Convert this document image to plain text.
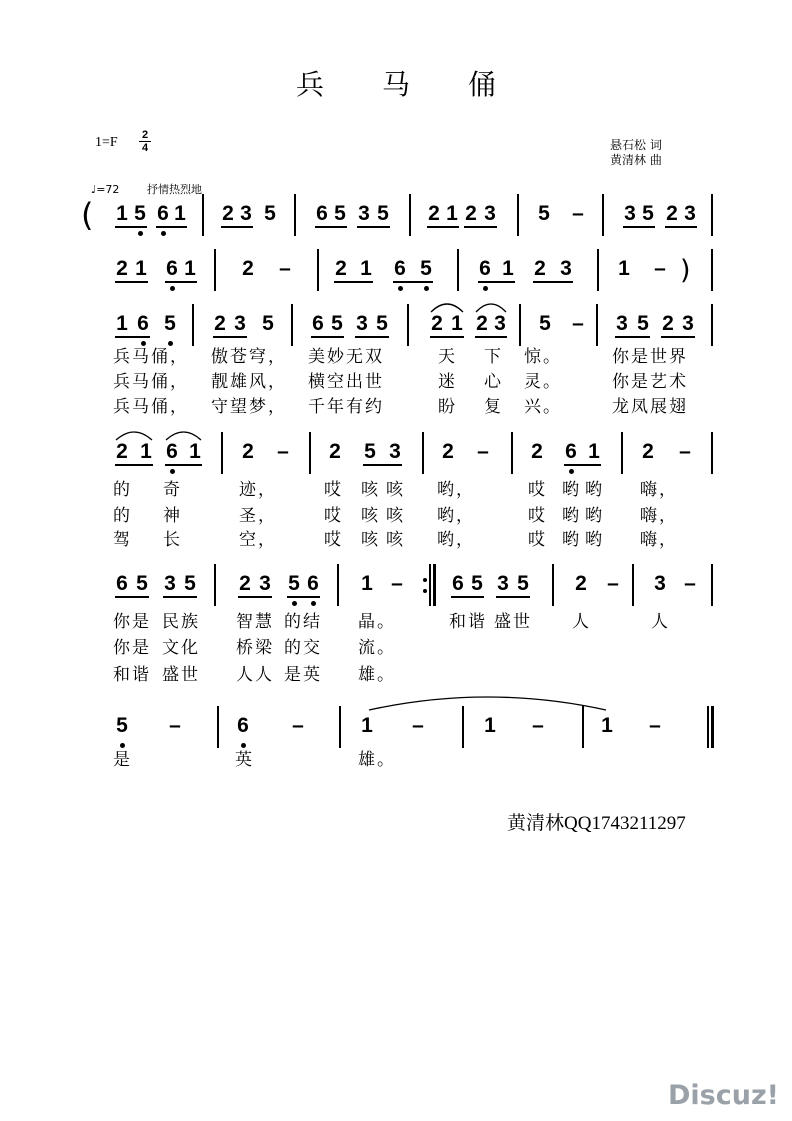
兵马俑
$1=F \frac{2}{4}$	悬石松 词
黄清林 曲
♩=72	抒情热烈地
( 1 5 6 1 2 3 5 6 5 3 5 2 1 2 3 5 – 3 5 2 3
2 1 6 1 2 – 2 1 6 5 6 1 2 3 1 – )
1 6 5 2 3 5 6 5 3 5 2 1 2 3 5 – 3 5 2 3
兵马俑， 傲苍穹， 美妙无双	天 下 惊。	你是世界
兵马俑， 靓雄风， 横空出世	迷 心 灵。	你是艺术
兵马俑， 守望梦， 千年有约	盼 复 兴。	龙凤展翅
2 1 6 1 2 – 2 5 3 2 – 2 6 1 2 –
的 奇	迹，	哎 咳 咳 哟，	哎 哟 哟 嗨，
的 神	圣，	哎 咳 咳 哟，	哎 哟 哟 嗨，
驾 长	空，	哎 咳 咳 哟，	哎 哟 哟 嗨，
6 5 3 5 2 3 5 6 1 – 6 5 3 5 2 – 3 –
你是 民族 智慧 的结 晶。	和谐 盛世 人	人
你是 文化 桥梁 的交 流。
和谐 盛世 人人 是英 雄。
5 –	6 –	1 –	1 –	1 –
是	英	雄。
黄清林QQ1743211297
Discuz!
